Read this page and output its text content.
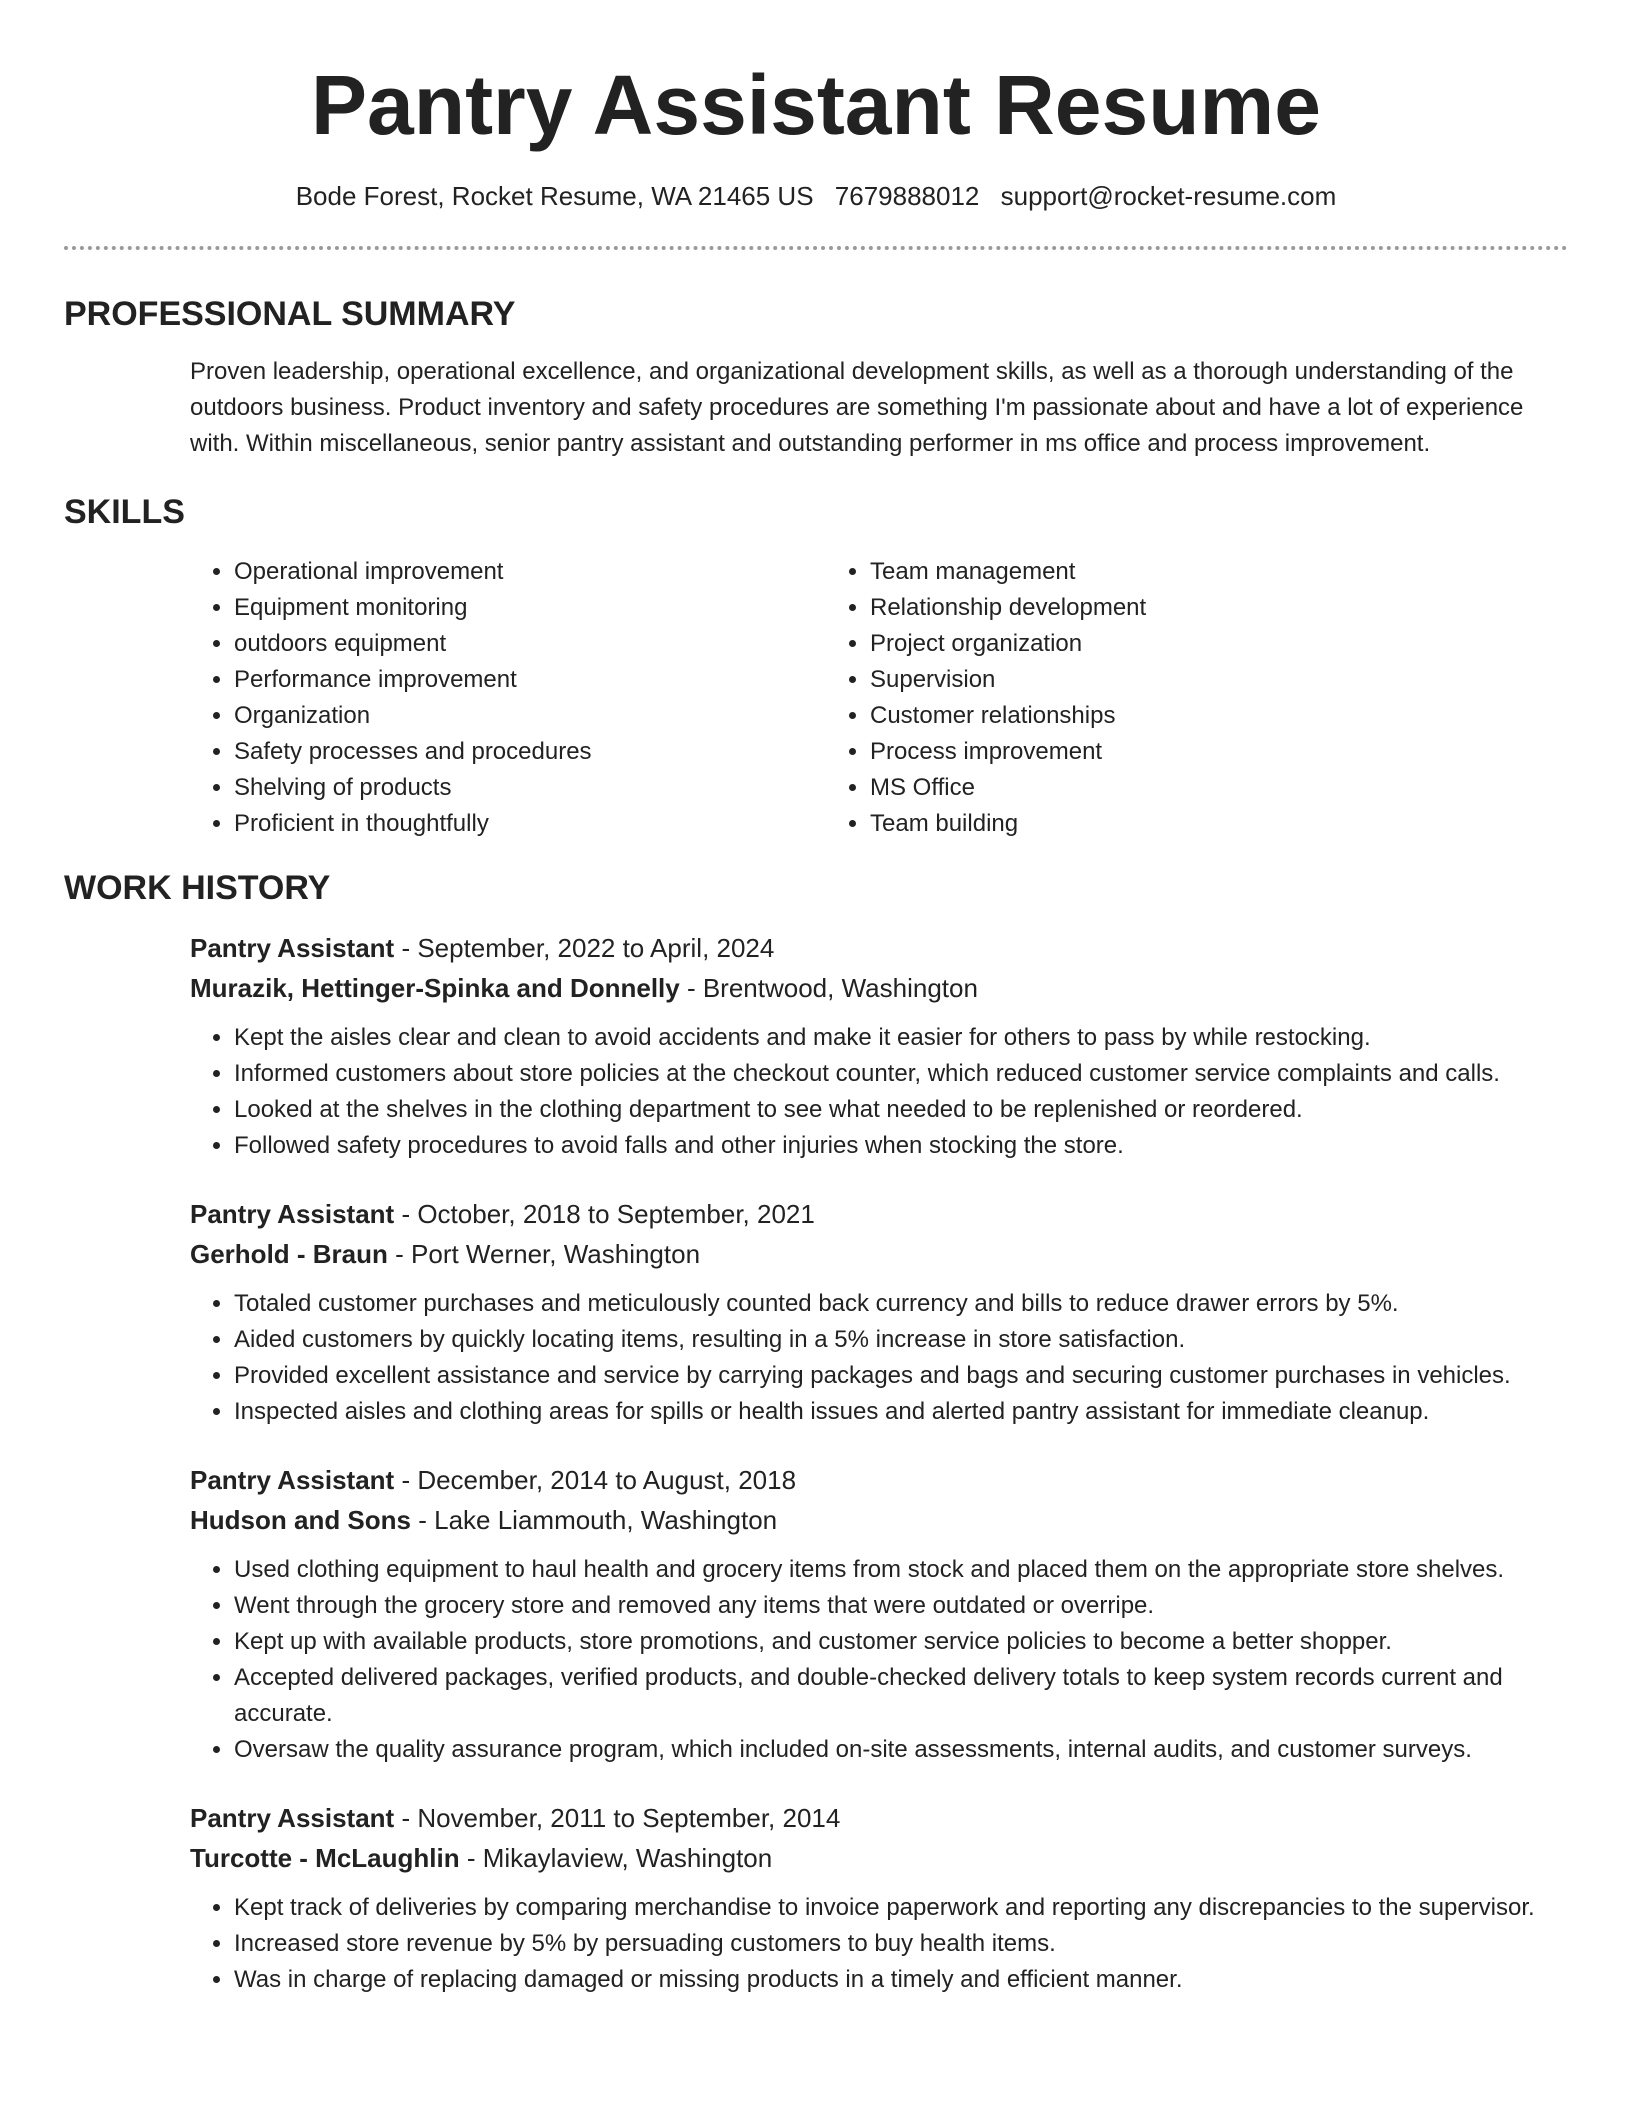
Pantry Assistant Resume
Bode Forest, Rocket Resume, WA 21465 US 7679888012 support@rocket-resume.com
PROFESSIONAL SUMMARY
Proven leadership, operational excellence, and organizational development skills, as well as a thorough understanding of the outdoors business. Product inventory and safety procedures are something I'm passionate about and have a lot of experience with. Within miscellaneous, senior pantry assistant and outstanding performer in ms office and process improvement.
SKILLS
• Operational improvement
• Equipment monitoring
• outdoors equipment
• Performance improvement
• Organization
• Safety processes and procedures
• Shelving of products
• Proficient in thoughtfully
• Team management
• Relationship development
• Project organization
• Supervision
• Customer relationships
• Process improvement
• MS Office
• Team building
WORK HISTORY
Pantry Assistant - September, 2022 to April, 2024
Murazik, Hettinger-Spinka and Donnelly - Brentwood, Washington
• Kept the aisles clear and clean to avoid accidents and make it easier for others to pass by while restocking.
• Informed customers about store policies at the checkout counter, which reduced customer service complaints and calls.
• Looked at the shelves in the clothing department to see what needed to be replenished or reordered.
• Followed safety procedures to avoid falls and other injuries when stocking the store.
Pantry Assistant - October, 2018 to September, 2021
Gerhold - Braun - Port Werner, Washington
• Totaled customer purchases and meticulously counted back currency and bills to reduce drawer errors by 5%.
• Aided customers by quickly locating items, resulting in a 5% increase in store satisfaction.
• Provided excellent assistance and service by carrying packages and bags and securing customer purchases in vehicles.
• Inspected aisles and clothing areas for spills or health issues and alerted pantry assistant for immediate cleanup.
Pantry Assistant - December, 2014 to August, 2018
Hudson and Sons - Lake Liammouth, Washington
• Used clothing equipment to haul health and grocery items from stock and placed them on the appropriate store shelves.
• Went through the grocery store and removed any items that were outdated or overripe.
• Kept up with available products, store promotions, and customer service policies to become a better shopper.
• Accepted delivered packages, verified products, and double-checked delivery totals to keep system records current and accurate.
• Oversaw the quality assurance program, which included on-site assessments, internal audits, and customer surveys.
Pantry Assistant - November, 2011 to September, 2014
Turcotte - McLaughlin - Mikaylaview, Washington
• Kept track of deliveries by comparing merchandise to invoice paperwork and reporting any discrepancies to the supervisor.
• Increased store revenue by 5% by persuading customers to buy health items.
• Was in charge of replacing damaged or missing products in a timely and efficient manner.
